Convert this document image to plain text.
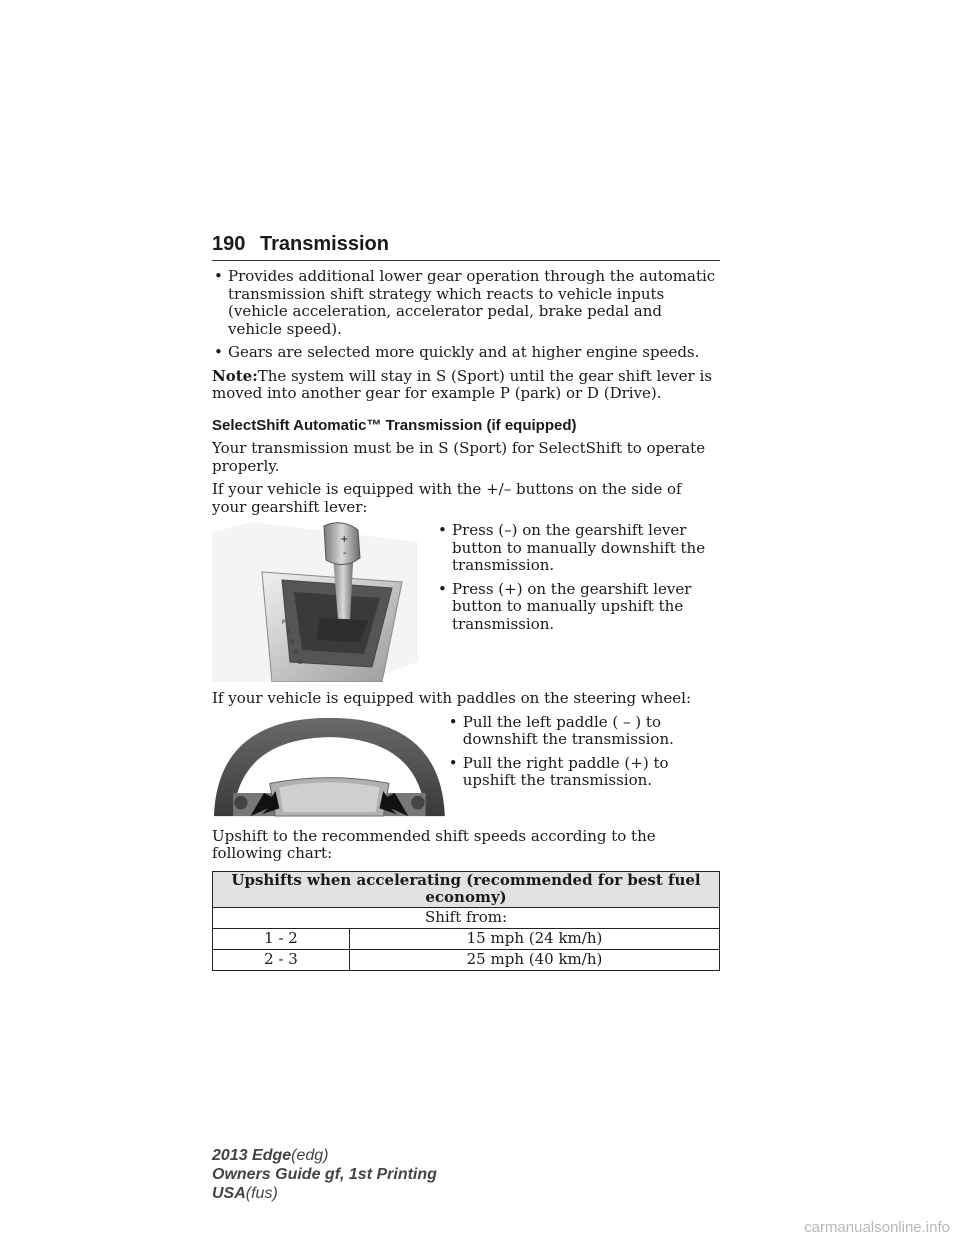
190 Transmission
• Provides additional lower gear operation through the automatic transmission shift strategy which reacts to vehicle inputs (vehicle acceleration, accelerator pedal, brake pedal and vehicle speed).
• Gears are selected more quickly and at higher engine speeds.

Note:The system will stay in S (Sport) until the gear shift lever is moved into another gear for example P (park) or D (Drive).

SelectShift Automatic™ Transmission (if equipped)

Your transmission must be in S (Sport) for SelectShift to operate properly.

If your vehicle is equipped with the +/– buttons on the side of your gearshift lever:

+
-
P
R
N
D
S
• Press (–) on the gearshift lever button to manually downshift the transmission.
• Press (+) on the gearshift lever button to manually upshift the transmission.

If your vehicle is equipped with paddles on the steering wheel:

• Pull the left paddle ( – ) to downshift the transmission.
• Pull the right paddle (+) to upshift the transmission.

Upshift to the recommended shift speeds according to the following chart:

Upshifts when accelerating (recommended for best fuel economy)	
Shift from:	
1 - 2	15 mph (24 km/h)
2 - 3	25 mph (40 km/h)
2013 Edge(edg)
Owners Guide gf, 1st Printing
USA(fus)
carmanualsonline.info
